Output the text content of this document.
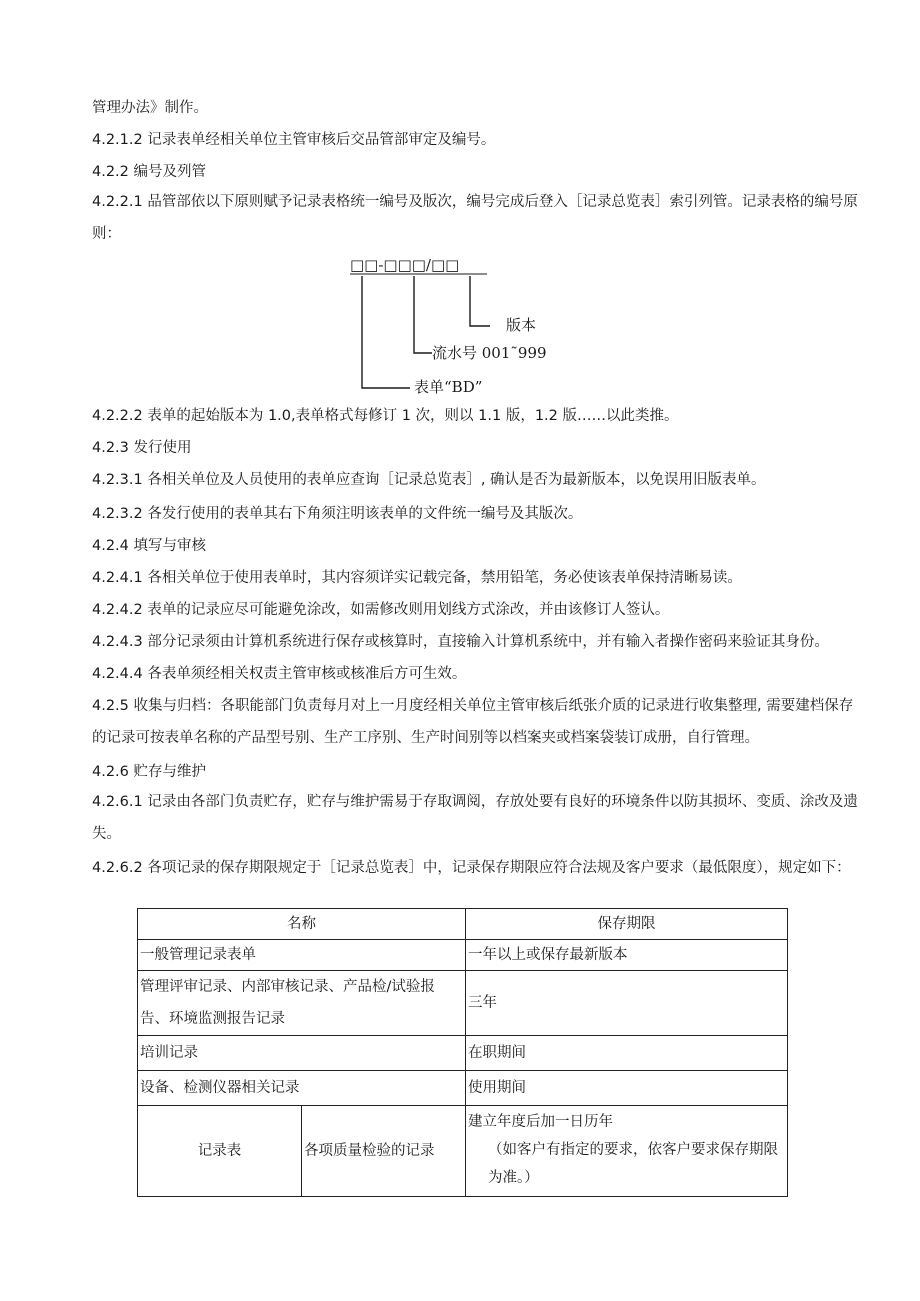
管理办法》制作。

4.2.1.2 记录表单经相关单位主管审核后交品管部审定及编号。

4.2.2 编号及列管

4.2.2.1 品管部依以下原则赋予记录表格统一编号及版次，编号完成后登入［记录总览表］索引列管。记录表格的编号原则：

□□-□□□/□□
版本
流水号 001˜999
表单“BD”

4.2.2.2 表单的起始版本为 1.0,表单格式每修订 1 次，则以 1.1 版，1.2 版……以此类推。

4.2.3 发行使用

4.2.3.1 各相关单位及人员使用的表单应查询［记录总览表］, 确认是否为最新版本，以免误用旧版表单。

4.2.3.2 各发行使用的表单其右下角须注明该表单的文件统一编号及其版次。

4.2.4 填写与审核

4.2.4.1 各相关单位于使用表单时，其内容须详实记载完备，禁用铅笔，务必使该表单保持清晰易读。

4.2.4.2 表单的记录应尽可能避免涂改，如需修改则用划线方式涂改，并由该修订人签认。

4.2.4.3 部分记录须由计算机系统进行保存或核算时，直接输入计算机系统中，并有输入者操作密码来验证其身份。

4.2.4.4 各表单须经相关权责主管审核或核准后方可生效。

4.2.5 收集与归档：各职能部门负责每月对上一月度经相关单位主管审核后纸张介质的记录进行收集整理, 需要建档保存的记录可按表单名称的产品型号别、生产工序别、生产时间别等以档案夹或档案袋装订成册，自行管理。

4.2.6 贮存与维护

4.2.6.1 记录由各部门负责贮存，贮存与维护需易于存取调阅，存放处要有良好的环境条件以防其损坏、变质、涂改及遗失。

4.2.6.2 各项记录的保存期限规定于［记录总览表］中，记录保存期限应符合法规及客户要求（最低限度），规定如下：

名称		保存期限
一般管理记录表单		一年以上或保存最新版本
管理评审记录、内部审核记录、产品检/试验报告、环境监测报告记录		三年
培训记录		在职期间
设备、检测仪器相关记录		使用期间
记录表	各项质量检验的记录	建立年度后加一日历年
（如客户有指定的要求，依客户要求保存期限为准。）
